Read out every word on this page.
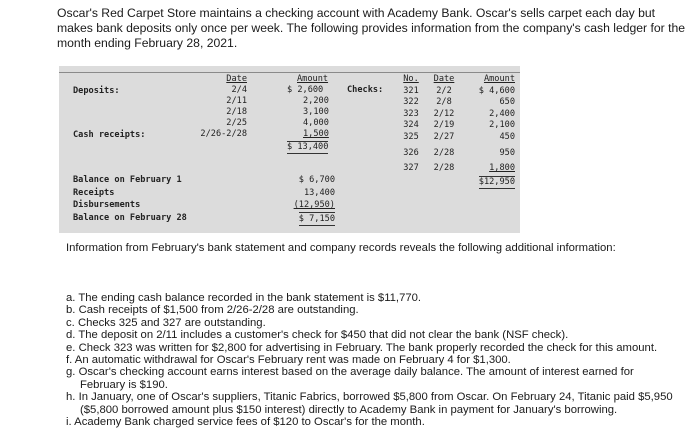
Oscar's Red Carpet Store maintains a checking account with Academy Bank. Oscar's sells carpet each day but makes bank deposits only once per week. The following provides information from the company's cash ledger for the month ending February 28, 2021.

Deposits:
Cash receipts:
Date
2/4
2/11
2/18
2/25
2/26-2/28
Amount
$ 2,600
2,200
3,100
4,000
1,500
$ 13,400
Checks:
No.
321
322
323
324
325
326
327
Date
2/2
2/8
2/12
2/19
2/27
2/28
2/28
Amount
$ 4,600
650
2,400
2,100
450
950
1,800
$12,950
Balance on February 1
Receipts
Disbursements
Balance on February 28
$ 6,700
13,400
(12,950)
$ 7,150

Information from February's bank statement and company records reveals the following additional information:

a. The ending cash balance recorded in the bank statement is $11,770.
b. Cash receipts of $1,500 from 2/26-2/28 are outstanding.
c. Checks 325 and 327 are outstanding.
d. The deposit on 2/11 includes a customer's check for $450 that did not clear the bank (NSF check).
e. Check 323 was written for $2,800 for advertising in February. The bank properly recorded the check for this amount.
f. An automatic withdrawal for Oscar's February rent was made on February 4 for $1,300.
g. Oscar's checking account earns interest based on the average daily balance. The amount of interest earned for
February is $190.
h. In January, one of Oscar's suppliers, Titanic Fabrics, borrowed $5,800 from Oscar. On February 24, Titanic paid $5,950
($5,800 borrowed amount plus $150 interest) directly to Academy Bank in payment for January's borrowing.
i. Academy Bank charged service fees of $120 to Oscar's for the month.
